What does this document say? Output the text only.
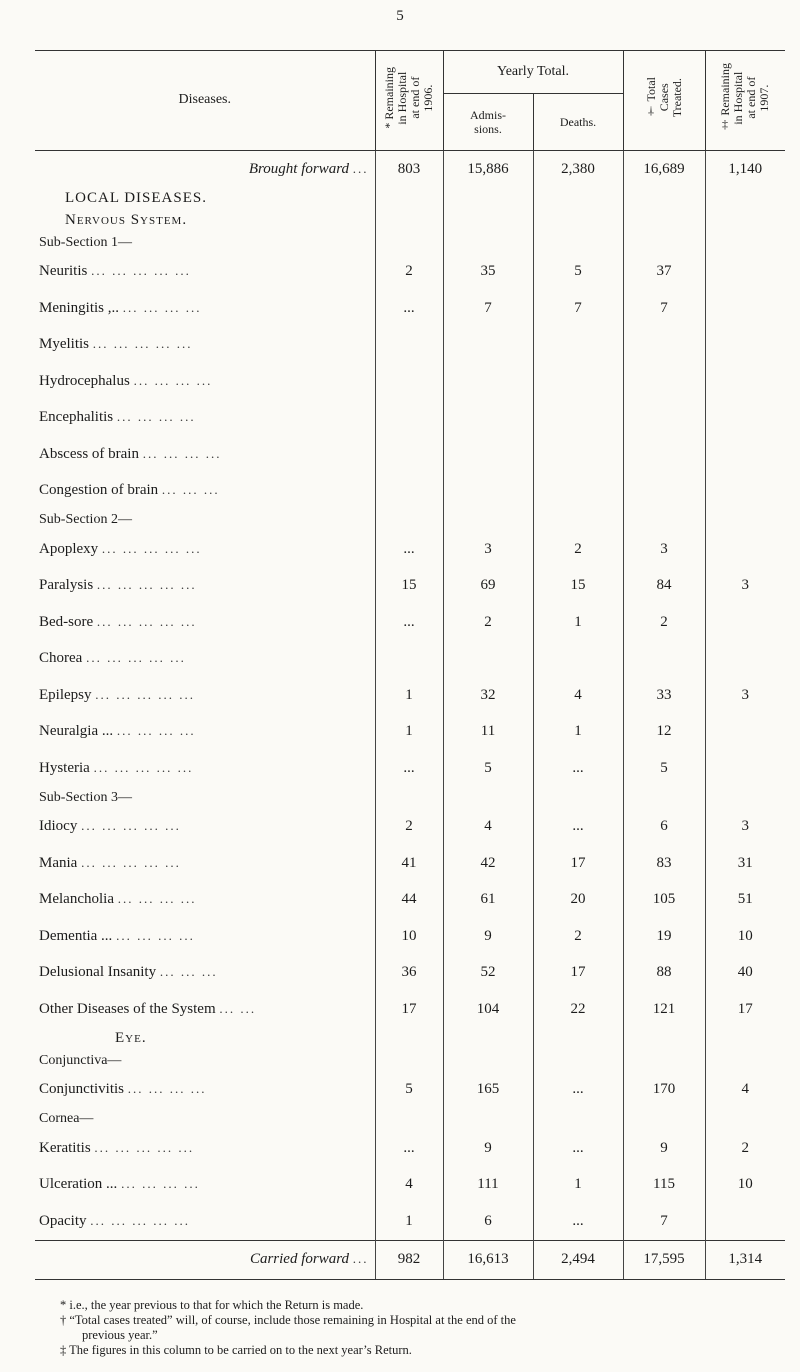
5
Diseases.	* Remaining
in Hospital
at end of
1906.	Yearly Total.		† Total
Cases
Treated.	‡ Remaining
in Hospital
at end of
1907.
		Admis-
sions.	Deaths.		
Brought forward ...	803	15,886	2,380	16,689	1,140
LOCAL DISEASES.					
Nervous System.					
Sub-Section 1—					
Neuritis ... ... ... ... ...	2	35	5	37	
Meningitis ,.. ... ... ... ...	...	7	7	7	
Myelitis ... ... ... ... ...					
Hydrocephalus ... ... ... ...					
Encephalitis ... ... ... ...					
Abscess of brain ... ... ... ...					
Congestion of brain ... ... ...					
Sub-Section 2—					
Apoplexy ... ... ... ... ...	...	3	2	3	
Paralysis ... ... ... ... ...	15	69	15	84	3
Bed-sore ... ... ... ... ...	...	2	1	2	
Chorea ... ... ... ... ...					
Epilepsy ... ... ... ... ...	1	32	4	33	3
Neuralgia ... ... ... ... ...	1	11	1	12	
Hysteria ... ... ... ... ...	...	5	...	5	
Sub-Section 3—					
Idiocy ... ... ... ... ...	2	4	...	6	3
Mania ... ... ... ... ...	41	42	17	83	31
Melancholia ... ... ... ...	44	61	20	105	51
Dementia ... ... ... ... ...	10	9	2	19	10
Delusional Insanity ... ... ...	36	52	17	88	40
Other Diseases of the System ... ...	17	104	22	121	17
Eye.					
Conjunctiva—					
Conjunctivitis ... ... ... ...	5	165	...	170	4
Cornea—					
Keratitis ... ... ... ... ...	...	9	...	9	2
Ulceration ... ... ... ... ...	4	111	1	115	10
Opacity ... ... ... ... ...	1	6	...	7	
Carried forward ...	982	16,613	2,494	17,595	1,314

* i.e., the year previous to that for which the Return is made.

† “Total cases treated” will, of course, include those remaining in Hospital at the end of the

previous year.”

‡ The figures in this column to be carried on to the next year’s Return.
